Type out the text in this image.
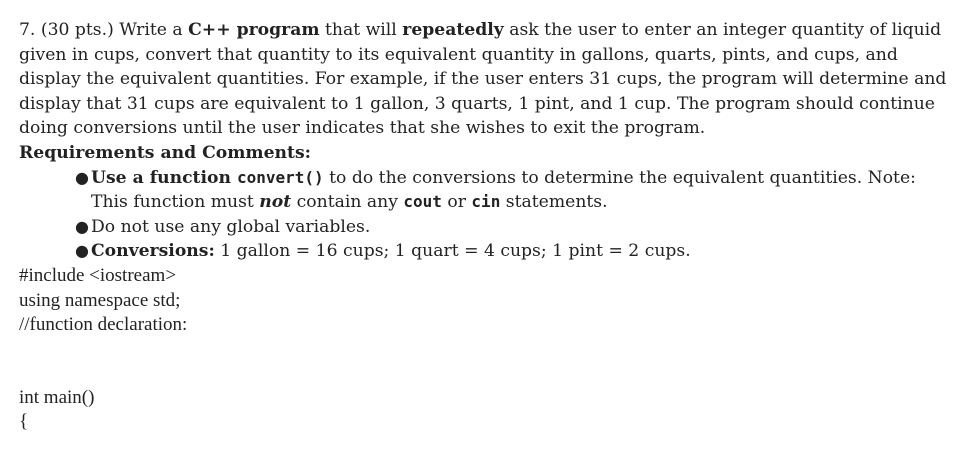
7. (30 pts.) Write a C++ program that will repeatedly ask the user to enter an integer quantity of liquid given in cups, convert that quantity to its equivalent quantity in gallons, quarts, pints, and cups, and display the equivalent quantities. For example, if the user enters 31 cups, the program will determine and display that 31 cups are equivalent to 1 gallon, 3 quarts, 1 pint, and 1 cup. The program should continue doing conversions until the user indicates that she wishes to exit the program.

Requirements and Comments:

● Use a function convert() to do the conversions to determine the equivalent quantities. Note: This function must not contain any cout or cin statements.
● Do not use any global variables.
● Conversions: 1 gallon = 16 cups; 1 quart = 4 cups; 1 pint = 2 cups.

#include <iostream>

using namespace std;

//function declaration:

int main()

{
